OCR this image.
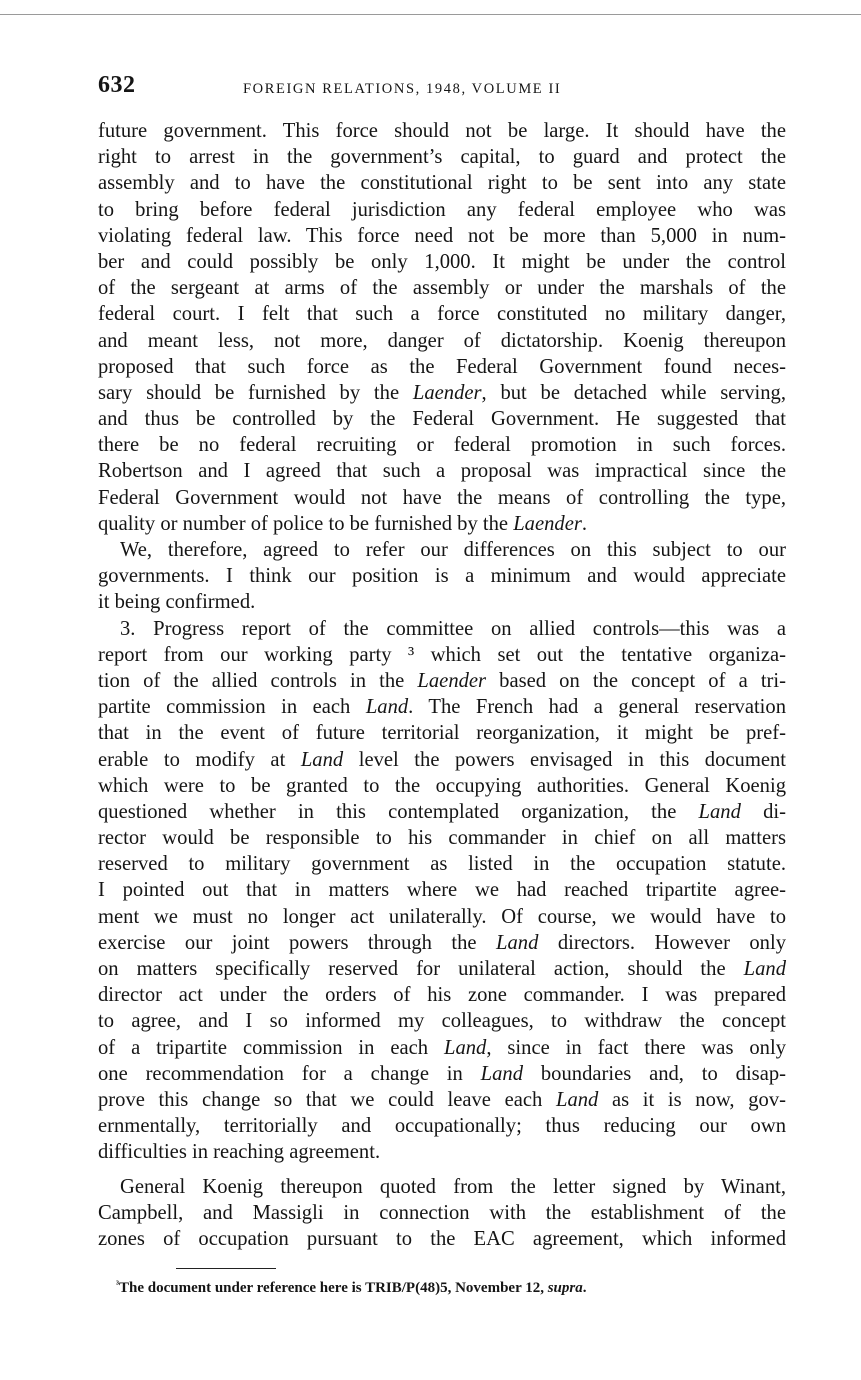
632	FOREIGN RELATIONS, 1948, VOLUME II
future government. This force should not be large. It should have the
right to arrest in the government’s capital, to guard and protect the
assembly and to have the constitutional right to be sent into any state
to bring before federal jurisdiction any federal employee who was
violating federal law. This force need not be more than 5,000 in num-
ber and could possibly be only 1,000. It might be under the control
of the sergeant at arms of the assembly or under the marshals of the
federal court. I felt that such a force constituted no military danger,
and meant less, not more, danger of dictatorship. Koenig thereupon
proposed that such force as the Federal Government found neces-
sary should be furnished by the Laender, but be detached while serving,
and thus be controlled by the Federal Government. He suggested that
there be no federal recruiting or federal promotion in such forces.
Robertson and I agreed that such a proposal was impractical since the
Federal Government would not have the means of controlling the type,
quality or number of police to be furnished by the Laender.
We, therefore, agreed to refer our differences on this subject to our
governments. I think our position is a minimum and would appreciate
it being confirmed.
3. Progress report of the committee on allied controls—this was a
report from our working party ³ which set out the tentative organiza-
tion of the allied controls in the Laender based on the concept of a tri-
partite commission in each Land. The French had a general reservation
that in the event of future territorial reorganization, it might be pref-
erable to modify at Land level the powers envisaged in this document
which were to be granted to the occupying authorities. General Koenig
questioned whether in this contemplated organization, the Land di-
rector would be responsible to his commander in chief on all matters
reserved to military government as listed in the occupation statute.
I pointed out that in matters where we had reached tripartite agree-
ment we must no longer act unilaterally. Of course, we would have to
exercise our joint powers through the Land directors. However only
on matters specifically reserved for unilateral action, should the Land
director act under the orders of his zone commander. I was prepared
to agree, and I so informed my colleagues, to withdraw the concept
of a tripartite commission in each Land, since in fact there was only
one recommendation for a change in Land boundaries and, to disap-
prove this change so that we could leave each Land as it is now, gov-
ernmentally, territorially and occupationally; thus reducing our own
difficulties in reaching agreement.
General Koenig thereupon quoted from the letter signed by Winant,
Campbell, and Massigli in connection with the establishment of the
zones of occupation pursuant to the EAC agreement, which informed
$^{^3}$The document under reference here is TRIB/P(48)5, November 12, supra.
